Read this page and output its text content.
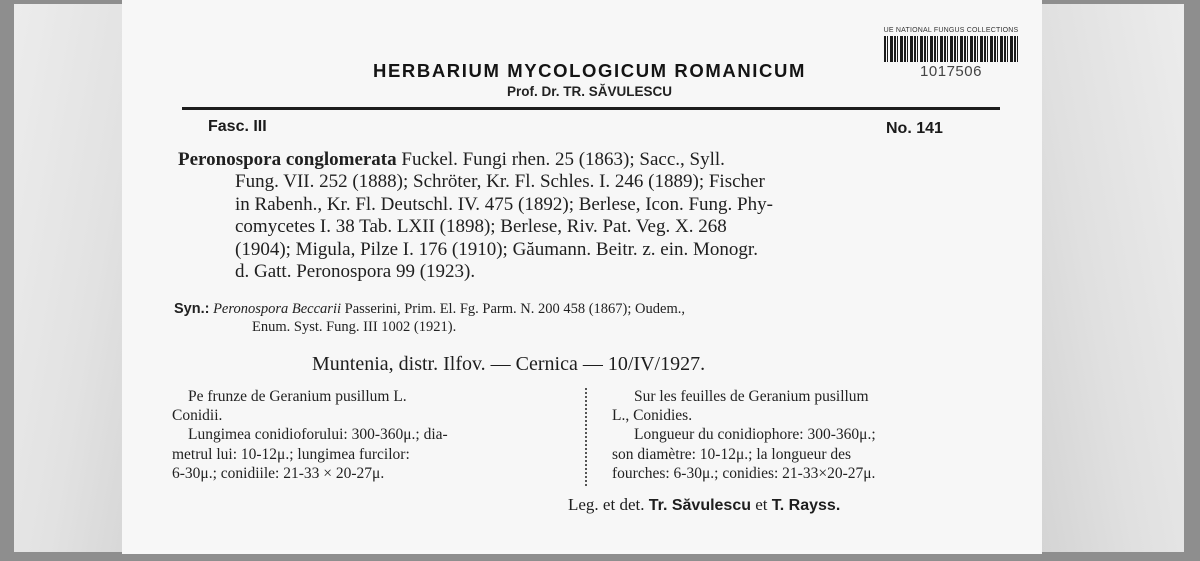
UE NATIONAL FUNGUS COLLECTIONS
1017506
HERBARIUM MYCOLOGICUM ROMANICUM
Prof. Dr. TR. SĂVULESCU
Fasc. III	No. 141
Peronospora conglomerata Fuckel. Fungi rhen. 25 (1863); Sacc., Syll.
Fung. VII. 252 (1888); Schröter, Kr. Fl. Schles. I. 246 (1889); Fischer
in Rabenh., Kr. Fl. Deutschl. IV. 475 (1892); Berlese, Icon. Fung. Phy-
comycetes I. 38 Tab. LXII (1898); Berlese, Riv. Pat. Veg. X. 268
(1904); Migula, Pilze I. 176 (1910); Găumann. Beitr. z. ein. Monogr.
d. Gatt. Peronospora 99 (1923).
Syn.: Peronospora Beccarii Passerini, Prim. El. Fg. Parm. N. 200 458 (1867); Oudem.,
Enum. Syst. Fung. III 1002 (1921).
Muntenia, distr. Ilfov. — Cernica — 10/IV/1927.
Pe frunze de Geranium pusillum L.
Conidii.
Lungimea conidioforului: 300-360μ.; dia-
metrul lui: 10-12μ.; lungimea furcilor:
6-30μ.; conidiile: 21-33 × 20-27μ.
Sur les feuilles de Geranium pusillum
L., Conidies.
Longueur du conidiophore: 300-360μ.;
son diamètre: 10-12μ.; la longueur des
fourches: 6-30μ.; conidies: 21-33×20-27μ.
Leg. et det. Tr. Săvulescu et T. Rayss.
